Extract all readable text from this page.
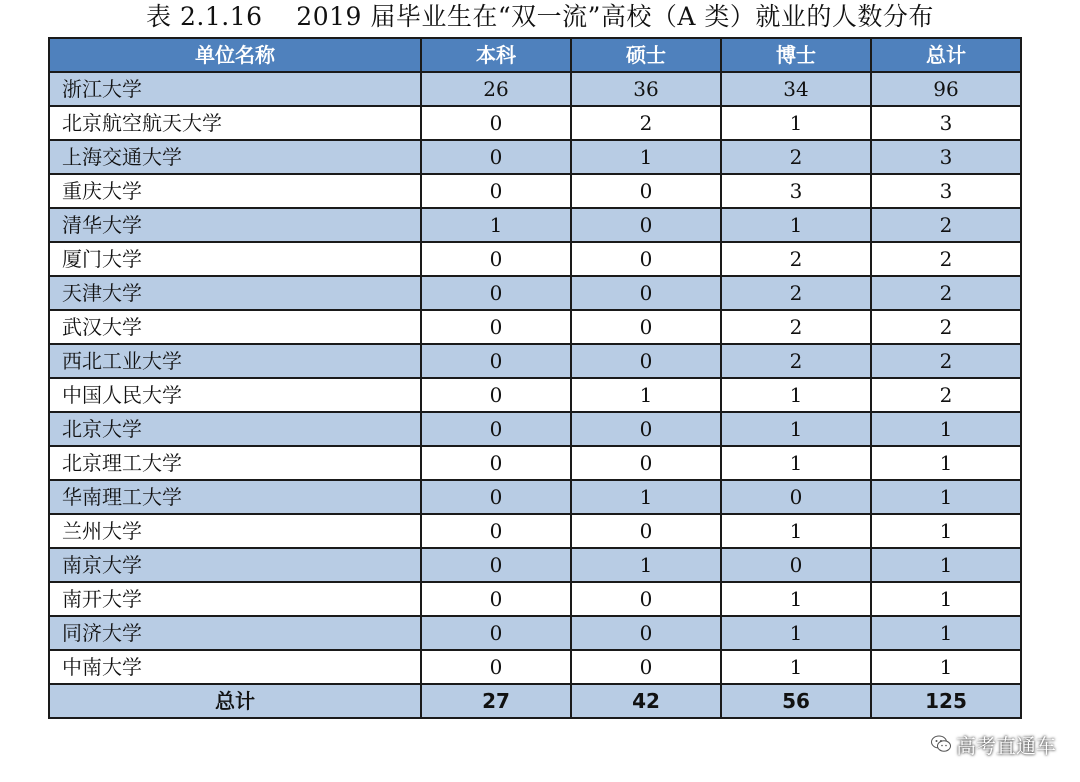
表 2.1.16    2019 届毕业生在“双一流”高校（A 类）就业的人数分布
单位名称	本科	硕士	博士	总计
浙江大学	26	36	34	96
北京航空航天大学	0	2	1	3
上海交通大学	0	1	2	3
重庆大学	0	0	3	3
清华大学	1	0	1	2
厦门大学	0	0	2	2
天津大学	0	0	2	2
武汉大学	0	0	2	2
西北工业大学	0	0	2	2
中国人民大学	0	1	1	2
北京大学	0	0	1	1
北京理工大学	0	0	1	1
华南理工大学	0	1	0	1
兰州大学	0	0	1	1
南京大学	0	1	0	1
南开大学	0	0	1	1
同济大学	0	0	1	1
中南大学	0	0	1	1
总计	27	42	56	125
高考直通车
